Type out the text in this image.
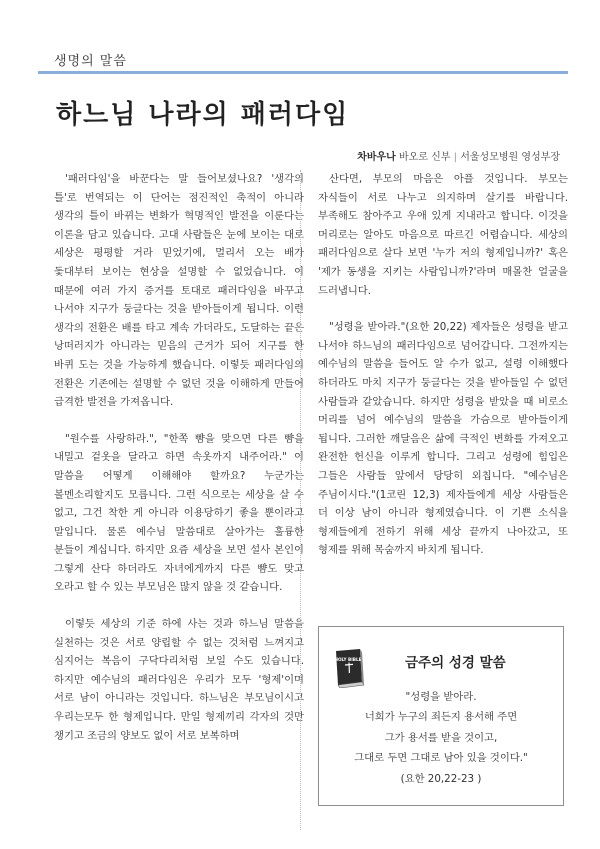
생명의 말씀
하느님 나라의 패러다임
차바우나 바오로 신부 | 서울성모병원 영성부장

'패러다임'을 바꾼다는 말 들어보셨나요? '생각의 틀'로 번역되는 이 단어는 점진적인 축적이 아니라 생각의 틀이 바뀌는 변화가 혁명적인 발전을 이룬다는 이론을 담고 있습니다. 고대 사람들은 눈에 보이는 대로 세상은 평평할 거라 믿었기에, 멀리서 오는 배가 돛대부터 보이는 현상을 설명할 수 없었습니다. 이 때문에 여러 가지 증거를 토대로 패러다임을 바꾸고 나서야 지구가 둥글다는 것을 받아들이게 됩니다. 이런 생각의 전환은 배를 타고 계속 가더라도, 도달하는 끝은 낭떠러지가 아니라는 믿음의 근거가 되어 지구를 한 바퀴 도는 것을 가능하게 했습니다. 이렇듯 패러다임의 전환은 기존에는 설명할 수 없던 것을 이해하게 만들어 급격한 발전을 가져옵니다.

"원수를 사랑하라.", "한쪽 뺨을 맞으면 다른 뺨을 내밀고 겉옷을 달라고 하면 속옷까지 내주어라." 이 말씀을 어떻게 이해해야 할까요? 누군가는 볼멘소리할지도 모릅니다. 그런 식으로는 세상을 살 수 없고, 그건 착한 게 아니라 이용당하기 좋을 뿐이라고 말입니다. 물론 예수님 말씀대로 살아가는 훌륭한 분들이 계십니다. 하지만 요즘 세상을 보면 설사 본인이 그렇게 산다 하더라도 자녀에게까지 다른 뺨도 맞고 오라고 할 수 있는 부모님은 많지 않을 것 같습니다.

이렇듯 세상의 기준 하에 사는 것과 하느님 말씀을 실천하는 것은 서로 양립할 수 없는 것처럼 느껴지고 심지어는 복음이 구닥다리처럼 보일 수도 있습니다. 하지만 예수님의 패러다임은 우리가 모두 '형제'이며 서로 남이 아니라는 것입니다. 하느님은 부모님이시고 우리는모두 한 형제입니다. 만일 형제끼리 각자의 것만 챙기고 조금의 양보도 없이 서로 보복하며

산다면, 부모의 마음은 아플 것입니다. 부모는 자식들이 서로 나누고 의지하며 살기를 바랍니다. 부족해도 참아주고 우애 있게 지내라고 합니다. 이것을 머리로는 알아도 마음으로 따르긴 어렵습니다. 세상의 패러다임으로 살다 보면 '누가 저의 형제입니까?' 혹은 '제가 동생을 지키는 사람입니까?'라며 매몰찬 얼굴을 드러냅니다.

"성령을 받아라."(요한 20,22) 제자들은 성령을 받고 나서야 하느님의 패러다임으로 넘어갑니다. 그전까지는 예수님의 말씀을 들어도 알 수가 없고, 설령 이해했다 하더라도 마치 지구가 둥글다는 것을 받아들일 수 없던 사람들과 같았습니다. 하지만 성령을 받았을 때 비로소 머리를 넘어 예수님의 말씀을 가슴으로 받아들이게 됩니다. 그러한 깨달음은 삶에 극적인 변화를 가져오고 완전한 헌신을 이루게 합니다. 그리고 성령에 힘입은 그들은 사람들 앞에서 당당히 외칩니다. "예수님은 주님이시다."(1코린 12,3) 제자들에게 세상 사람들은 더 이상 남이 아니라 형제였습니다. 이 기쁜 소식을 형제들에게 전하기 위해 세상 끝까지 나아갔고, 또 형제를 위해 목숨까지 바치게 됩니다.

HOLY BIBLE	금주의 성경 말씀
"성령을 받아라.
너희가 누구의 죄든지 용서해 주면
그가 용서를 받을 것이고,
그대로 두면 그대로 남아 있을 것이다."
(요한 20,22-23 )
